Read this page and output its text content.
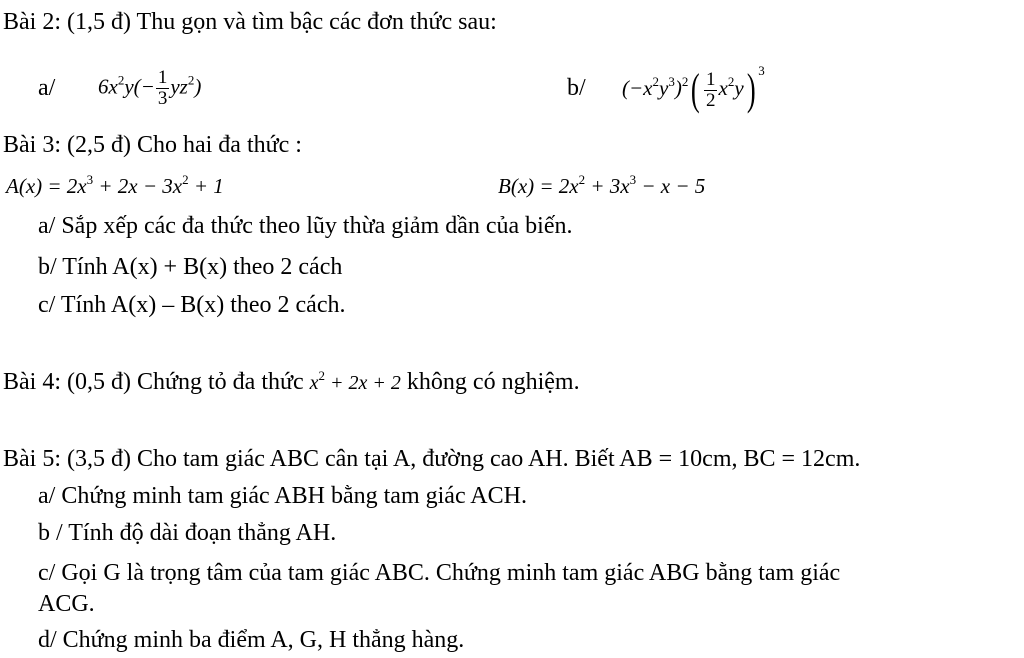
Bài 2: (1,5 đ) Thu gọn và tìm bậc các đơn thức sau:
a/ $6x^2y(- \frac{1}{3} yz^2)$	b/ $(-x^2y^3)^2( \frac{1}{2} x^2y)$ $^3$
Bài 3: (2,5 đ) Cho hai đa thức :
$A(x) = 2x^3 + 2x - 3x^2 + 1$	$B(x) = 2x^2 + 3x^3 - x - 5$
a/ Sắp xếp các đa thức theo lũy thừa giảm dần của biến.
b/ Tính A(x) + B(x) theo 2 cách
c/ Tính A(x) – B(x) theo 2 cách.
Bài 4: (0,5 đ) Chứng tỏ đa thức $x^2 + 2x + 2$ không có nghiệm.
Bài 5: (3,5 đ) Cho tam giác ABC cân tại A, đường cao AH. Biết AB = 10cm, BC = 12cm.
a/ Chứng minh tam giác ABH bằng tam giác ACH.
b / Tính độ dài đoạn thẳng AH.
c/ Gọi G là trọng tâm của tam giác ABC. Chứng minh tam giác ABG bằng tam giác
ACG.
d/ Chứng minh ba điểm A, G, H thẳng hàng.
